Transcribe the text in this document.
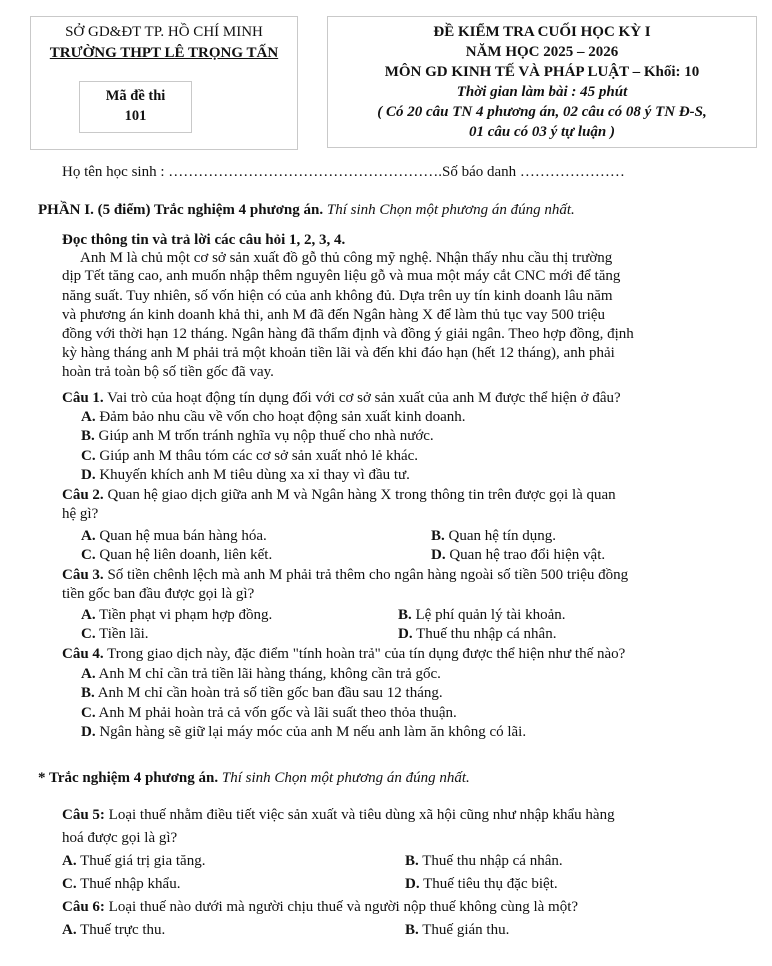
SỞ GD&ĐT TP. HỒ CHÍ MINH
TRƯỜNG THPT LÊ TRỌNG TẤN
Mã đề thi
101
ĐỀ KIỂM TRA CUỐI HỌC KỲ I
NĂM HỌC 2025 – 2026
MÔN GD KINH TẾ VÀ PHÁP LUẬT – Khối: 10
Thời gian làm bài : 45 phút
( Có 20 câu TN 4 phương án, 02 câu có 08 ý TN Đ-S,
01 câu có 03 ý tự luận )
Họ tên học sinh : ……………………………………………….Số báo danh …………………
PHẦN I. (5 điểm) Trắc nghiệm 4 phương án. Thí sinh Chọn một phương án đúng nhất.
Đọc thông tin và trả lời các câu hỏi 1, 2, 3, 4.
Anh M là chủ một cơ sở sản xuất đồ gỗ thủ công mỹ nghệ. Nhận thấy nhu cầu thị trường
dịp Tết tăng cao, anh muốn nhập thêm nguyên liệu gỗ và mua một máy cắt CNC mới để tăng
năng suất. Tuy nhiên, số vốn hiện có của anh không đủ. Dựa trên uy tín kinh doanh lâu năm
và phương án kinh doanh khả thi, anh M đã đến Ngân hàng X để làm thủ tục vay 500 triệu
đồng với thời hạn 12 tháng. Ngân hàng đã thẩm định và đồng ý giải ngân. Theo hợp đồng, định
kỳ hàng tháng anh M phải trả một khoản tiền lãi và đến khi đáo hạn (hết 12 tháng), anh phải
hoàn trả toàn bộ số tiền gốc đã vay.
Câu 1. Vai trò của hoạt động tín dụng đối với cơ sở sản xuất của anh M được thể hiện ở đâu?
A. Đảm bảo nhu cầu về vốn cho hoạt động sản xuất kinh doanh.
B. Giúp anh M trốn tránh nghĩa vụ nộp thuế cho nhà nước.
C. Giúp anh M thâu tóm các cơ sở sản xuất nhỏ lẻ khác.
D. Khuyến khích anh M tiêu dùng xa xỉ thay vì đầu tư.
Câu 2. Quan hệ giao dịch giữa anh M và Ngân hàng X trong thông tin trên được gọi là quan
hệ gì?
A. Quan hệ mua bán hàng hóa.	B. Quan hệ tín dụng.
C. Quan hệ liên doanh, liên kết.	D. Quan hệ trao đổi hiện vật.
Câu 3. Số tiền chênh lệch mà anh M phải trả thêm cho ngân hàng ngoài số tiền 500 triệu đồng
tiền gốc ban đầu được gọi là gì?
A. Tiền phạt vi phạm hợp đồng.	B. Lệ phí quản lý tài khoản.
C. Tiền lãi.	D. Thuế thu nhập cá nhân.
Câu 4. Trong giao dịch này, đặc điểm "tính hoàn trả" của tín dụng được thể hiện như thế nào?
A. Anh M chỉ cần trả tiền lãi hàng tháng, không cần trả gốc.
B. Anh M chỉ cần hoàn trả số tiền gốc ban đầu sau 12 tháng.
C. Anh M phải hoàn trả cả vốn gốc và lãi suất theo thỏa thuận.
D. Ngân hàng sẽ giữ lại máy móc của anh M nếu anh làm ăn không có lãi.
* Trắc nghiệm 4 phương án. Thí sinh Chọn một phương án đúng nhất.
Câu 5: Loại thuế nhằm điều tiết việc sản xuất và tiêu dùng xã hội cũng như nhập khẩu hàng
hoá được gọi là gì?
A. Thuế giá trị gia tăng.	B. Thuế thu nhập cá nhân.
C. Thuế nhập khẩu.	D. Thuế tiêu thụ đặc biệt.
Câu 6: Loại thuế nào dưới mà người chịu thuế và người nộp thuế không cùng là một?
A. Thuế trực thu.	B. Thuế gián thu.
